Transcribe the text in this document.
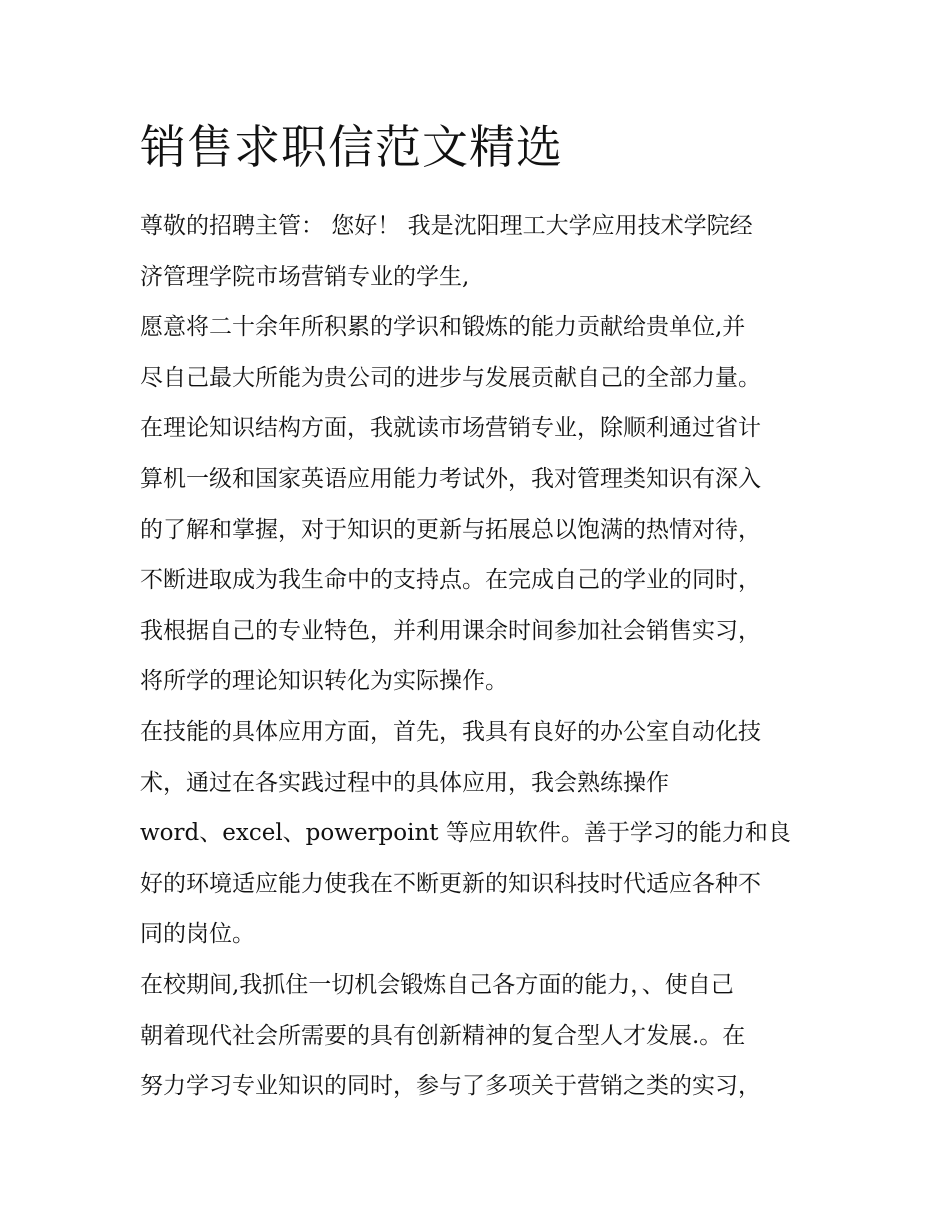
销售求职信范文精选
尊敬的招聘主管： 您好！ 我是沈阳理工大学应用技术学院经
济管理学院市场营销专业的学生,
愿意将二十余年所积累的学识和锻炼的能力贡献给贵单位,并
尽自己最大所能为贵公司的进步与发展贡献自己的全部力量。
在理论知识结构方面，我就读市场营销专业，除顺利通过省计
算机一级和国家英语应用能力考试外，我对管理类知识有深入
的了解和掌握，对于知识的更新与拓展总以饱满的热情对待，
不断进取成为我生命中的支持点。在完成自己的学业的同时，
我根据自己的专业特色，并利用课余时间参加社会销售实习，
将所学的理论知识转化为实际操作。
在技能的具体应用方面，首先，我具有良好的办公室自动化技
术，通过在各实践过程中的具体应用，我会熟练操作
word、excel、powerpoint 等应用软件。善于学习的能力和良
好的环境适应能力使我在不断更新的知识科技时代适应各种不
同的岗位。
在校期间,我抓住一切机会锻炼自己各方面的能力，、使自己
朝着现代社会所需要的具有创新精神的复合型人才发展.。在
努力学习专业知识的同时，参与了多项关于营销之类的实习，
